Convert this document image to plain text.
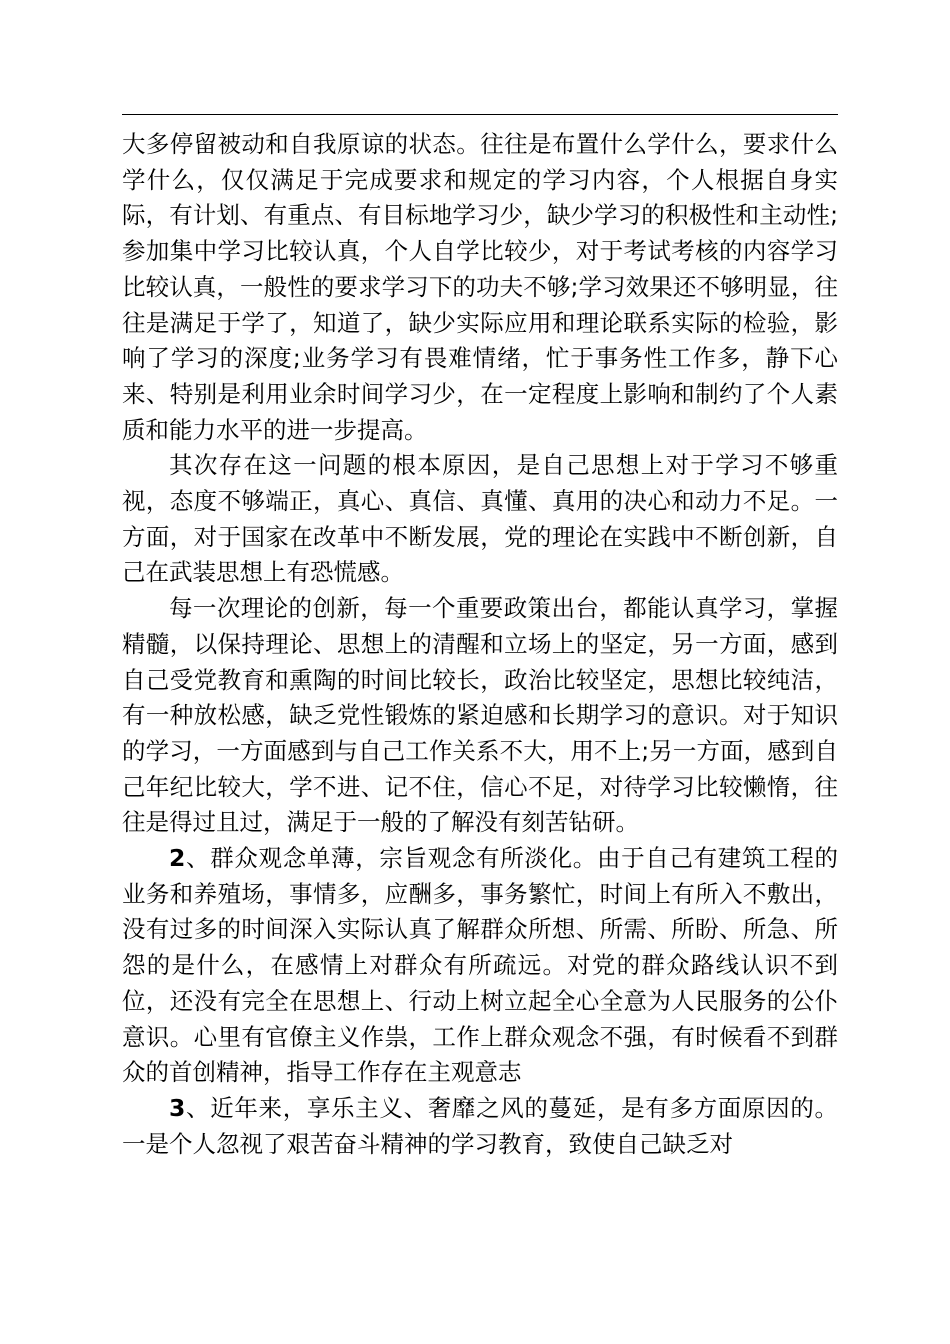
大多停留被动和自我原谅的状态。往往是布置什么学什么，要求什么学什么，仅仅满足于完成要求和规定的学习内容，个人根据自身实际，有计划、有重点、有目标地学习少，缺少学习的积极性和主动性;参加集中学习比较认真，个人自学比较少，对于考试考核的内容学习比较认真，一般性的要求学习下的功夫不够;学习效果还不够明显，往往是满足于学了，知道了，缺少实际应用和理论联系实际的检验，影响了学习的深度;业务学习有畏难情绪，忙于事务性工作多，静下心来、特别是利用业余时间学习少，在一定程度上影响和制约了个人素质和能力水平的进一步提高。

其次存在这一问题的根本原因，是自己思想上对于学习不够重视，态度不够端正，真心、真信、真懂、真用的决心和动力不足。一方面，对于国家在改革中不断发展，党的理论在实践中不断创新，自己在武装思想上有恐慌感。

每一次理论的创新，每一个重要政策出台，都能认真学习，掌握精髓，以保持理论、思想上的清醒和立场上的坚定，另一方面，感到自己受党教育和熏陶的时间比较长，政治比较坚定，思想比较纯洁，有一种放松感，缺乏党性锻炼的紧迫感和长期学习的意识。对于知识的学习，一方面感到与自己工作关系不大，用不上;另一方面，感到自己年纪比较大，学不进、记不住，信心不足，对待学习比较懒惰，往往是得过且过，满足于一般的了解没有刻苦钻研。

2、群众观念单薄，宗旨观念有所淡化。由于自己有建筑工程的业务和养殖场，事情多，应酬多，事务繁忙，时间上有所入不敷出，没有过多的时间深入实际认真了解群众所想、所需、所盼、所急、所怨的是什么，在感情上对群众有所疏远。对党的群众路线认识不到位，还没有完全在思想上、行动上树立起全心全意为人民服务的公仆意识。心里有官僚主义作祟，工作上群众观念不强，有时候看不到群众的首创精神，指导工作存在主观意志

3、近年来，享乐主义、奢靡之风的蔓延，是有多方面原因的。一是个人忽视了艰苦奋斗精神的学习教育，致使自己缺乏对
